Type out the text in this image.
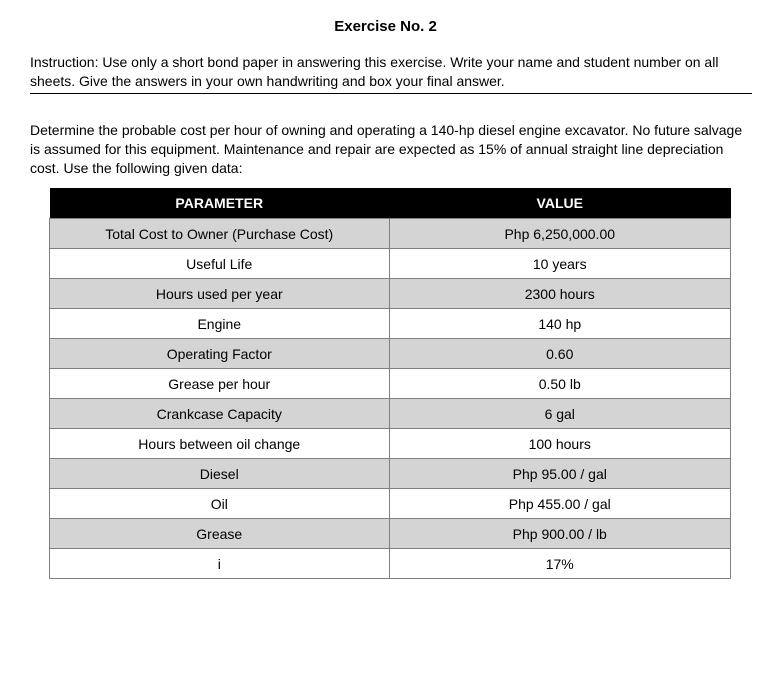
Exercise No. 2
Instruction: Use only a short bond paper in answering this exercise. Write your name and student number on all sheets. Give the answers in your own handwriting and box your final answer.
Determine the probable cost per hour of owning and operating a 140-hp diesel engine excavator. No future salvage is assumed for this equipment. Maintenance and repair are expected as 15% of annual straight line depreciation cost. Use the following given data:
PARAMETER	VALUE
Total Cost to Owner (Purchase Cost)	Php 6,250,000.00
Useful Life	10 years
Hours used per year	2300 hours
Engine	140 hp
Operating Factor	0.60
Grease per hour	0.50 lb
Crankcase Capacity	6 gal
Hours between oil change	100 hours
Diesel	Php 95.00 / gal
Oil	Php 455.00 / gal
Grease	Php 900.00 / lb
i	17%
